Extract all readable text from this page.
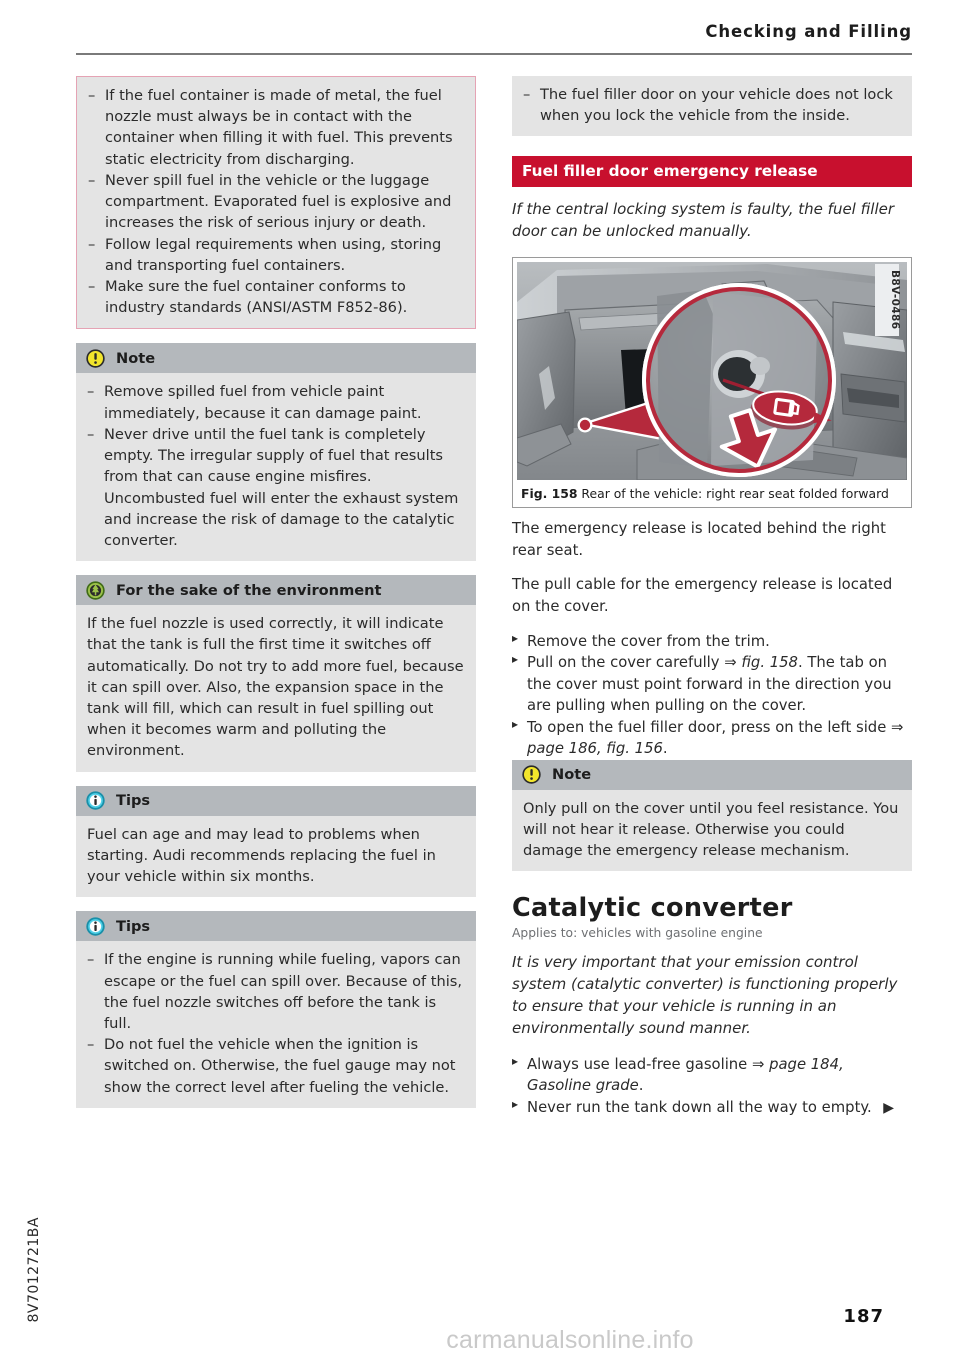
Checking and Filling
– If the fuel container is made of metal, the fuel nozzle must always be in contact with the container when filling it with fuel. This prevents static electricity from discharging.
– Never spill fuel in the vehicle or the luggage compartment. Evaporated fuel is explosive and increases the risk of serious injury or death.
– Follow legal requirements when using, storing and transporting fuel containers.
– Make sure the fuel container conforms to industry standards (ANSI/ASTM F852-86).
Note
– Remove spilled fuel from vehicle paint immediately, because it can damage paint.
– Never drive until the fuel tank is completely empty. The irregular supply of fuel that results from that can cause engine misfires. Uncombusted fuel will enter the exhaust system and increase the risk of damage to the catalytic converter.
For the sake of the environment
If the fuel nozzle is used correctly, it will indicate that the tank is full the first time it switches off automatically. Do not try to add more fuel, because it can spill over. Also, the expansion space in the tank will fill, which can result in fuel spilling out when it becomes warm and polluting the environment.
Tips
Fuel can age and may lead to problems when starting. Audi recommends replacing the fuel in your vehicle within six months.
Tips
– If the engine is running while fueling, vapors can escape or the fuel can spill over. Because of this, the fuel nozzle switches off before the tank is full.
– Do not fuel the vehicle when the ignition is switched on. Otherwise, the fuel gauge may not show the correct level after fueling the vehicle.
– The fuel filler door on your vehicle does not lock when you lock the vehicle from the inside.
Fuel filler door emergency release
If the central locking system is faulty, the fuel filler door can be unlocked manually.
B8V-0486
Fig. 158 Rear of the vehicle: right rear seat folded forward

The emergency release is located behind the right rear seat.

The pull cable for the emergency release is located on the cover.

▸ Remove the cover from the trim.
▸ Pull on the cover carefully ⇒ fig. 158. The tab on the cover must point forward in the direction you are pulling when pulling on the cover.
▸ To open the fuel filler door, press on the left side ⇒ page 186, fig. 156.
Note
Only pull on the cover until you feel resistance. You will not hear it release. Otherwise you could damage the emergency release mechanism.
Catalytic converter
Applies to: vehicles with gasoline engine
It is very important that your emission control system (catalytic converter) is functioning properly to ensure that your vehicle is running in an environmentally sound manner.
▸ Always use lead-free gasoline ⇒ page 184, Gasoline grade.
▸ Never run the tank down all the way to empty. ▶
8V7012721BA	187
carmanualsonline.info
